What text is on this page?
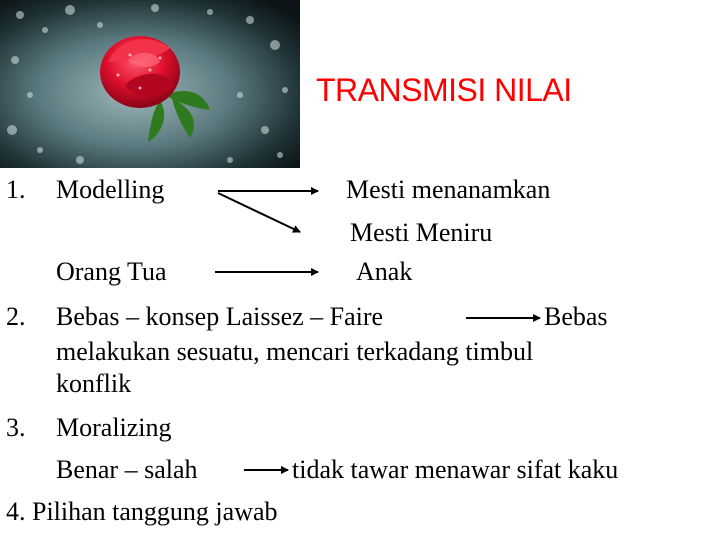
TRANSMISI NILAI
1. Modelling	Mesti menanamkan
Mesti Meniru
Orang Tua	Anak
2. Bebas – konsep Laissez – Faire	Bebas
melakukan sesuatu, mencari terkadang timbul
konflik
3. Moralizing
Benar – salah	tidak tawar menawar sifat kaku
4. Pilihan tanggung jawab
